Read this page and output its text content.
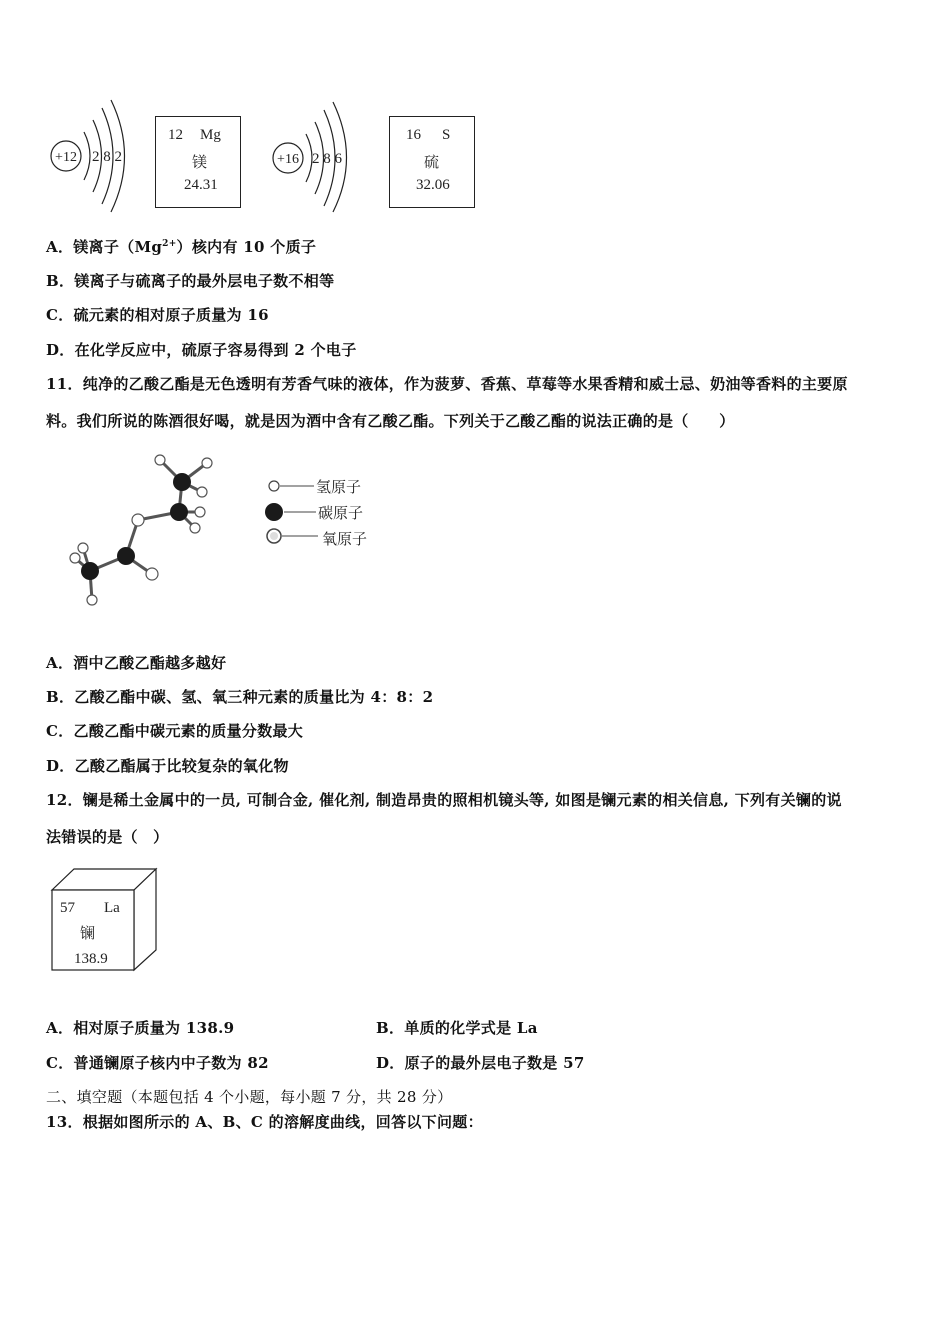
+12 2 8 2
12 Mg
镁
24.31
+16 2 8 6
16 S
硫
32.06
A．镁离子$(Mg^{2+})$核内有 10 个质子
B．镁离子与硫离子的最外层电子数不相等
C．硫元素的相对原子质量为 16
D．在化学反应中，硫原子容易得到 2 个电子
11．纯净的乙酸乙酯是无色透明有芳香气味的液体，作为菠萝、香蕉、草莓等水果香精和威士忌、奶油等香料的主要原
料。我们所说的陈酒很好喝，就是因为酒中含有乙酸乙酯。下列关于乙酸乙酯的说法正确的是（　　）
氢原子
碳原子
氧原子
A．酒中乙酸乙酯越多越好
B．乙酸乙酯中碳、氢、氧三种元素的质量比为 4：8：2
C．乙酸乙酯中碳元素的质量分数最大
D．乙酸乙酯属于比较复杂的氧化物
12．镧是稀土金属中的一员, 可制合金, 催化剂, 制造昂贵的照相机镜头等, 如图是镧元素的相关信息, 下列有关镧的说
法错误的是（　）
57 La
镧
138.9
A．相对原子质量为 138.9	B．单质的化学式是 La
C．普通镧原子核内中子数为 82	D．原子的最外层电子数是 57
二、填空题（本题包括 4 个小题，每小题 7 分，共 28 分）
13．根据如图所示的 A、B、C 的溶解度曲线，回答以下问题：
